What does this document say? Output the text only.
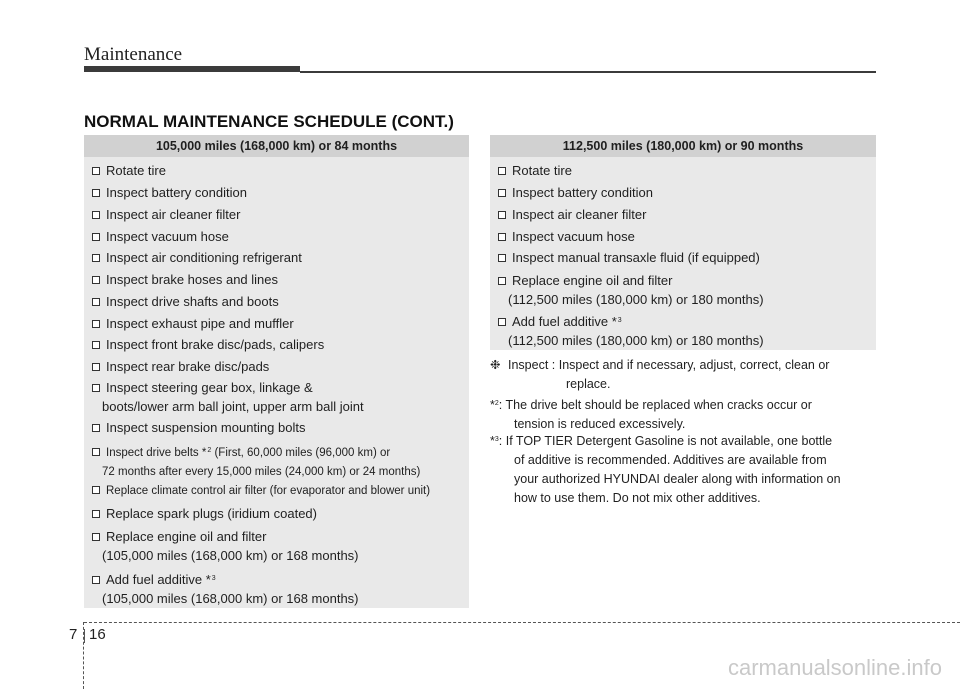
Maintenance
NORMAL MAINTENANCE SCHEDULE (CONT.)
105,000 miles (168,000 km) or 84 months
Rotate tire
Inspect battery condition
Inspect air cleaner filter
Inspect vacuum hose
Inspect air conditioning refrigerant
Inspect brake hoses and lines
Inspect drive shafts and boots
Inspect exhaust pipe and muffler
Inspect front brake disc/pads, calipers
Inspect rear brake disc/pads
Inspect steering gear box, linkage &
boots/lower arm ball joint, upper arm ball joint
Inspect suspension mounting bolts
Inspect drive belts *$^2$ (First, 60,000 miles (96,000 km) or
72 months after every 15,000 miles (24,000 km) or 24 months)
Replace climate control air filter (for evaporator and blower unit)
Replace spark plugs (iridium coated)
Replace engine oil and filter
(105,000 miles (168,000 km) or 168 months)
Add fuel additive *$^3$
(105,000 miles (168,000 km) or 168 months)
112,500 miles (180,000 km) or 90 months
Rotate tire
Inspect battery condition
Inspect air cleaner filter
Inspect vacuum hose
Inspect manual transaxle fluid (if equipped)
Replace engine oil and filter
(112,500 miles (180,000 km) or 180 months)
Add fuel additive *$^3$
(112,500 miles (180,000 km) or 180 months)
❉ Inspect : Inspect and if necessary, adjust, correct, clean or
replace.
*$^2$: The drive belt should be replaced when cracks occur or
tension is reduced excessively.
*$^3$: If TOP TIER Detergent Gasoline is not available, one bottle
of additive is recommended. Additives are available from
your authorized HYUNDAI dealer along with information on
how to use them. Do not mix other additives.
7 16
carmanualsonline.info
